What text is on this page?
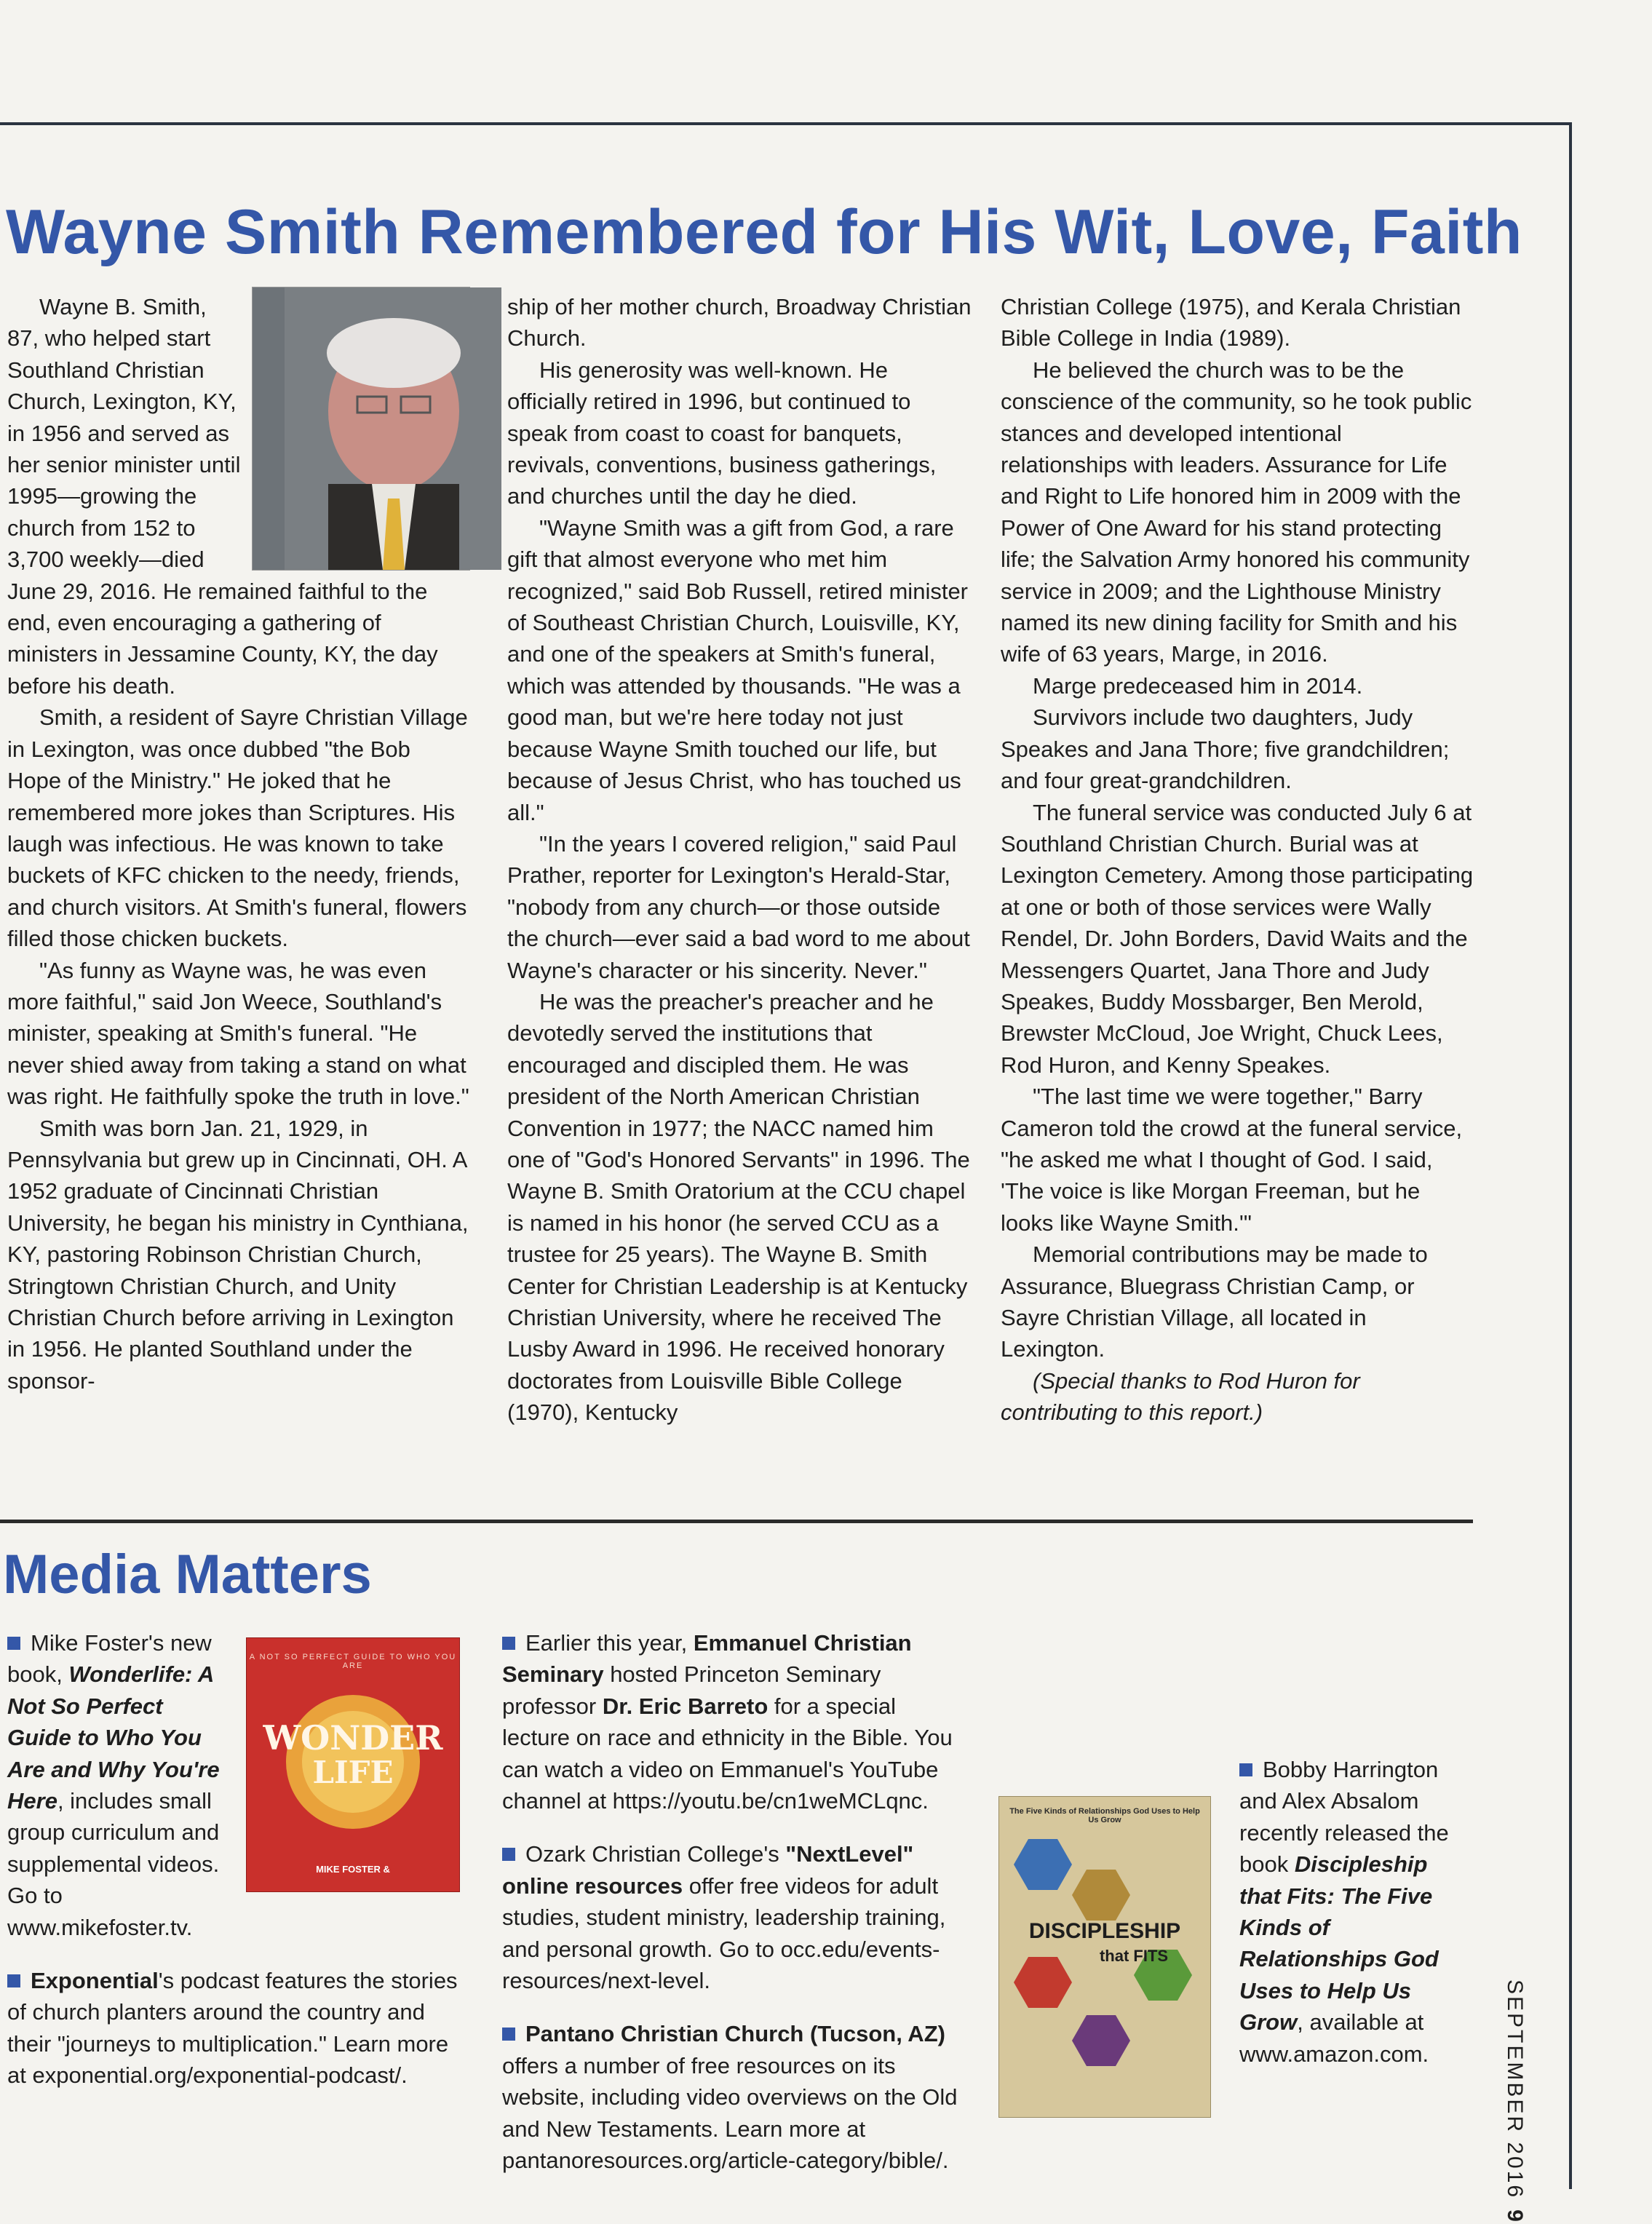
Wayne Smith Remembered for His Wit, Love, Faith

Wayne B. Smith, 87, who helped start Southland Christian Church, Lexington, KY, in 1956 and served as her senior minister until 1995—growing the church from 152 to 3,700 weekly—died June 29, 2016. He remained faithful to the end, even encouraging a gathering of ministers in Jessamine County, KY, the day before his death.

Smith, a resident of Sayre Christian Village in Lexington, was once dubbed "the Bob Hope of the Ministry." He joked that he remembered more jokes than Scriptures. His laugh was infectious. He was known to take buckets of KFC chicken to the needy, friends, and church visitors. At Smith's funeral, flowers filled those chicken buckets.

"As funny as Wayne was, he was even more faithful," said Jon Weece, Southland's minister, speaking at Smith's funeral. "He never shied away from taking a stand on what was right. He faithfully spoke the truth in love."

Smith was born Jan. 21, 1929, in Pennsylvania but grew up in Cincinnati, OH. A 1952 graduate of Cincinnati Christian University, he began his ministry in Cynthiana, KY, pastoring Robinson Christian Church, Stringtown Christian Church, and Unity Christian Church before arriving in Lexington in 1956. He planted Southland under the sponsor-

ship of her mother church, Broadway Christian Church.

His generosity was well-known. He officially retired in 1996, but continued to speak from coast to coast for banquets, revivals, conventions, business gatherings, and churches until the day he died.

"Wayne Smith was a gift from God, a rare gift that almost everyone who met him recognized," said Bob Russell, retired minister of Southeast Christian Church, Louisville, KY, and one of the speakers at Smith's funeral, which was attended by thousands. "He was a good man, but we're here today not just because Wayne Smith touched our life, but because of Jesus Christ, who has touched us all."

"In the years I covered religion," said Paul Prather, reporter for Lexington's Herald-Star, "nobody from any church—or those outside the church—ever said a bad word to me about Wayne's character or his sincerity. Never."

He was the preacher's preacher and he devotedly served the institutions that encouraged and discipled them. He was president of the North American Christian Convention in 1977; the NACC named him one of "God's Honored Servants" in 1996. The Wayne B. Smith Oratorium at the CCU chapel is named in his honor (he served CCU as a trustee for 25 years). The Wayne B. Smith Center for Christian Leadership is at Kentucky Christian University, where he received The Lusby Award in 1996. He received honorary doctorates from Louisville Bible College (1970), Kentucky

Christian College (1975), and Kerala Christian Bible College in India (1989).

He believed the church was to be the conscience of the community, so he took public stances and developed intentional relationships with leaders. Assurance for Life and Right to Life honored him in 2009 with the Power of One Award for his stand protecting life; the Salvation Army honored his community service in 2009; and the Lighthouse Ministry named its new dining facility for Smith and his wife of 63 years, Marge, in 2016.

Marge predeceased him in 2014.

Survivors include two daughters, Judy Speakes and Jana Thore; five grandchildren; and four great-grandchildren.

The funeral service was conducted July 6 at Southland Christian Church. Burial was at Lexington Cemetery. Among those participating at one or both of those services were Wally Rendel, Dr. John Borders, David Waits and the Messengers Quartet, Jana Thore and Judy Speakes, Buddy Mossbarger, Ben Merold, Brewster McCloud, Joe Wright, Chuck Lees, Rod Huron, and Kenny Speakes.

"The last time we were together," Barry Cameron told the crowd at the funeral service, "he asked me what I thought of God. I said, 'The voice is like Morgan Freeman, but he looks like Wayne Smith.'"

Memorial contributions may be made to Assurance, Bluegrass Christian Camp, or Sayre Christian Village, all located in Lexington.

(Special thanks to Rod Huron for contributing to this report.)

Media Matters

Mike Foster's new book, Wonderlife: A Not So Perfect Guide to Who You Are and Why You're Here, includes small group curriculum and supplemental videos. Go to www.mikefoster.tv.

Exponential's podcast features the stories of church planters around the country and their "journeys to multiplication." Learn more at exponential.org/exponential-podcast/.

A NOT SO PERFECT GUIDE TO WHO YOU ARE
WONDER
LIFE
MIKE FOSTER &

Earlier this year, Emmanuel Christian Seminary hosted Princeton Seminary professor Dr. Eric Barreto for a special lecture on race and ethnicity in the Bible. You can watch a video on Emmanuel's YouTube channel at https://youtu.be/cn1weMCLqnc.

Ozark Christian College's "NextLevel" online resources offer free videos for adult studies, student ministry, leadership training, and personal growth. Go to occ.edu/events-resources/next-level.

Pantano Christian Church (Tucson, AZ) offers a number of free resources on its website, including video overviews on the Old and New Testaments. Learn more at pantanoresources.org/article-category/bible/.

Bobby Harrington and Alex Absalom recently released the book Discipleship that Fits: The Five Kinds of Relationships God Uses to Help Us Grow, available at www.amazon.com.

The Five Kinds of Relationships God Uses to Help Us Grow
DISCIPLESHIP
that FITS
SEPTEMBER 20169
